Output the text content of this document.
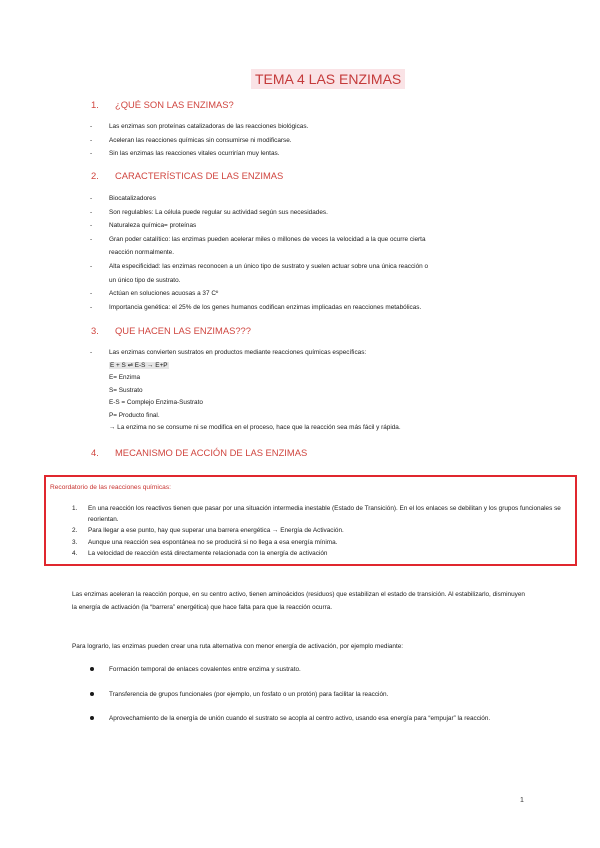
TEMA 4 LAS ENZIMAS
1. ¿QUÉ SON LAS ENZIMAS?
- Las enzimas son proteínas catalizadoras de las reacciones biológicas.
- Aceleran las reacciones químicas sin consumirse ni modificarse.
- Sin las enzimas las reacciones vitales ocurrirían muy lentas.
2. CARACTERÍSTICAS DE LAS ENZIMAS
- Biocatalizadores
- Son regulables: La célula puede regular su actividad según sus necesidades.
- Naturaleza química= proteínas
- Gran poder catalítico: las enzimas pueden acelerar miles o millones de veces la velocidad a la que ocurre cierta
reacción normalmente.
- Alta especificidad: las enzimas reconocen a un único tipo de sustrato y suelen actuar sobre una única reacción o
un único tipo de sustrato.
- Actúan en soluciones acuosas a 37 Cº
- Importancia genética: el 25% de los genes humanos codifican enzimas implicadas en reacciones metabólicas.
3. QUE HACEN LAS ENZIMAS???
- Las enzimas convierten sustratos en productos mediante reacciones químicas específicas:
E + S ⇌ E-S → E+P
E= Enzima
S= Sustrato
E-S = Complejo Enzima-Sustrato
P= Producto final.
→ La enzima no se consume ni se modifica en el proceso, hace que la reacción sea más fácil y rápida.
4. MECANISMO DE ACCIÓN DE LAS ENZIMAS
Recordatorio de las reacciones químicas:
1. En una reacción los reactivos tienen que pasar por una situación intermedia inestable (Estado de Transición). En el los enlaces se debilitan y los grupos funcionales se reorientan.
2. Para llegar a ese punto, hay que superar una barrera energética → Energía de Activación.
3. Aunque una reacción sea espontánea no se producirá si no llega a esa energía mínima.
4. La velocidad de reacción está directamente relacionada con la energía de activación

Las enzimas aceleran la reacción porque, en su centro activo, tienen aminoácidos (residuos) que estabilizan el estado de transición. Al estabilizarlo, disminuyen la energía de activación (la “barrera” energética) que hace falta para que la reacción ocurra.

Para lograrlo, las enzimas pueden crear una ruta alternativa con menor energía de activación, por ejemplo mediante:

Formación temporal de enlaces covalentes entre enzima y sustrato.
Transferencia de grupos funcionales (por ejemplo, un fosfato o un protón) para facilitar la reacción.
Aprovechamiento de la energía de unión cuando el sustrato se acopla al centro activo, usando esa energía para “empujar” la reacción.
1
